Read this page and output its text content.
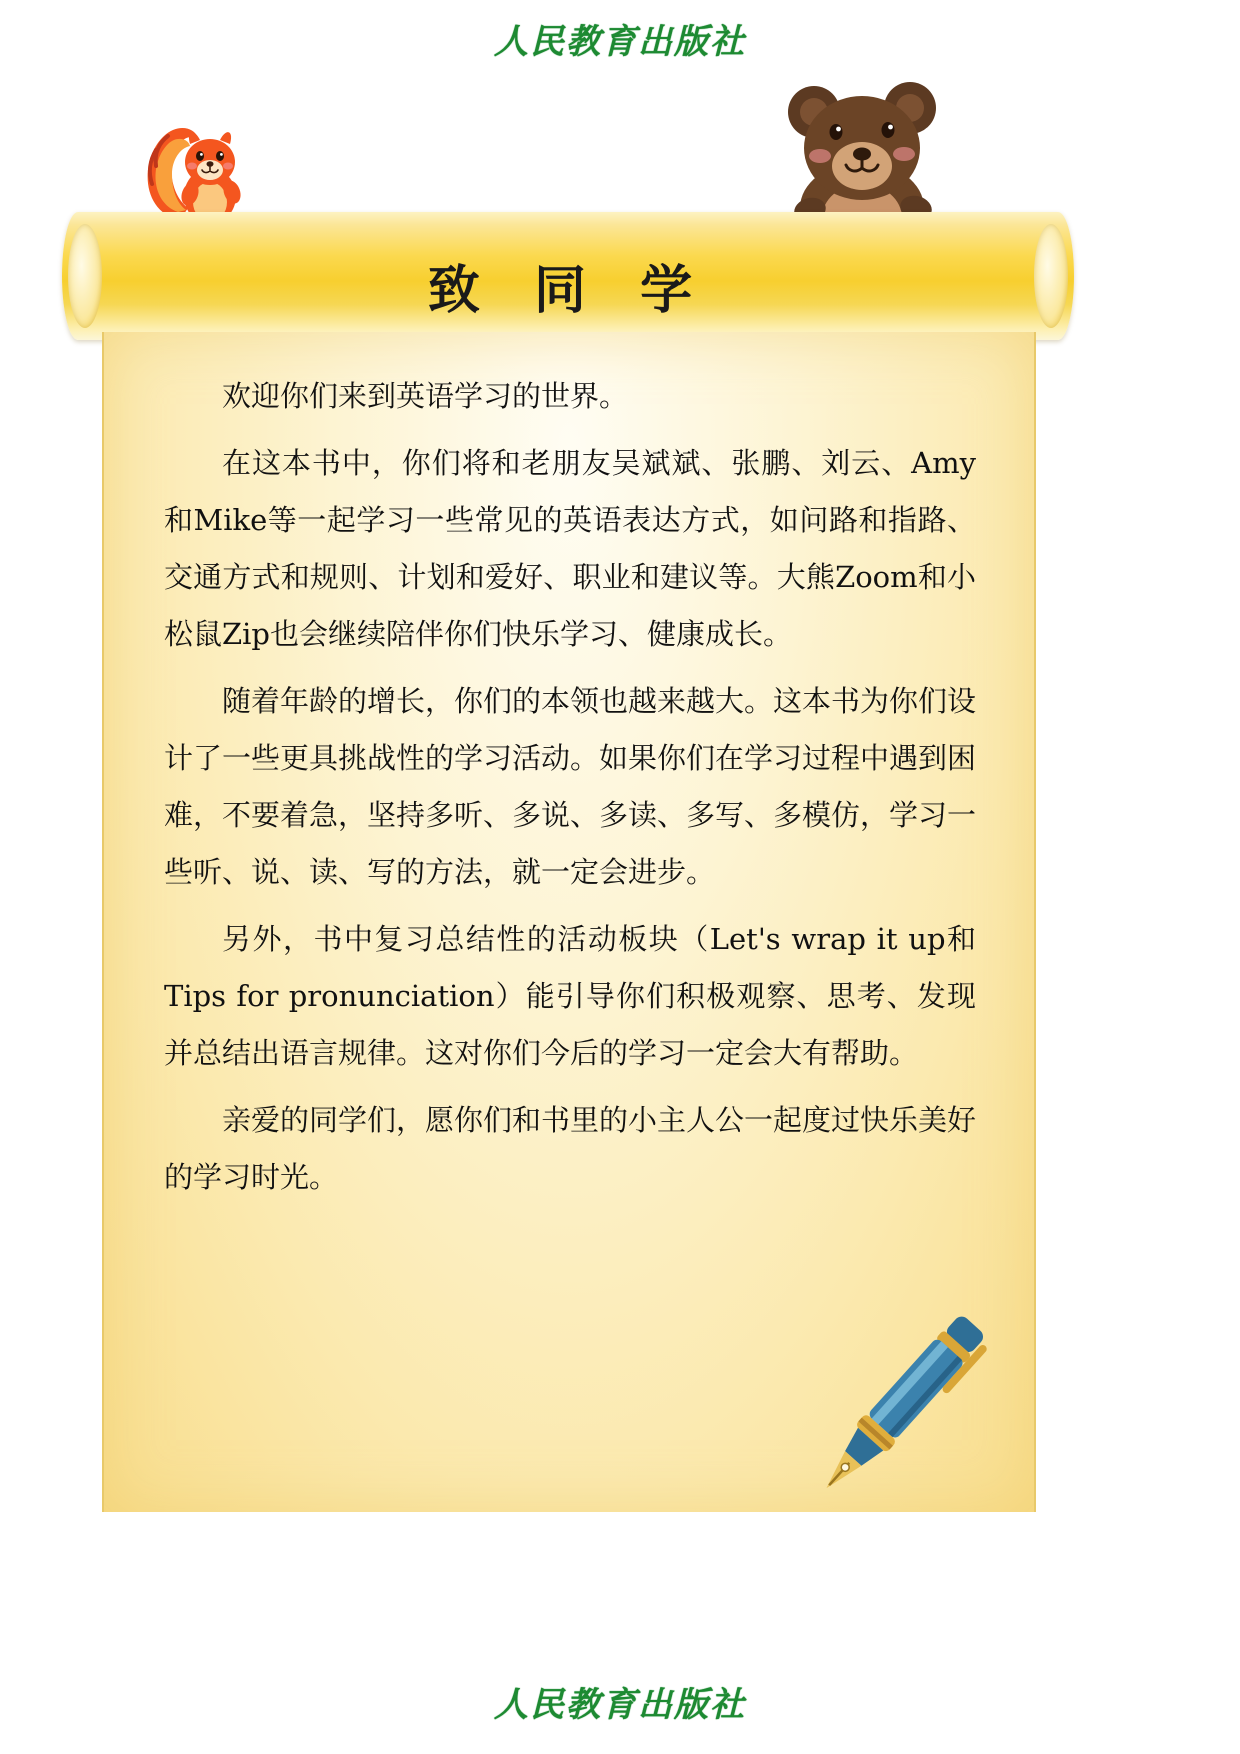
人民教育出版社
致 同 学

欢迎你们来到英语学习的世界。

在这本书中，你们将和老朋友吴斌斌、张鹏、刘云、Amy和Mike等一起学习一些常见的英语表达方式，如问路和指路、交通方式和规则、计划和爱好、职业和建议等。大熊Zoom和小松鼠Zip也会继续陪伴你们快乐学习、健康成长。

随着年龄的增长，你们的本领也越来越大。这本书为你们设计了一些更具挑战性的学习活动。如果你们在学习过程中遇到困难，不要着急，坚持多听、多说、多读、多写、多模仿，学习一些听、说、读、写的方法，就一定会进步。

另外，书中复习总结性的活动板块（Let's wrap it up和Tips for pronunciation）能引导你们积极观察、思考、发现并总结出语言规律。这对你们今后的学习一定会大有帮助。

亲爱的同学们，愿你们和书里的小主人公一起度过快乐美好的学习时光。

人民教育出版社
